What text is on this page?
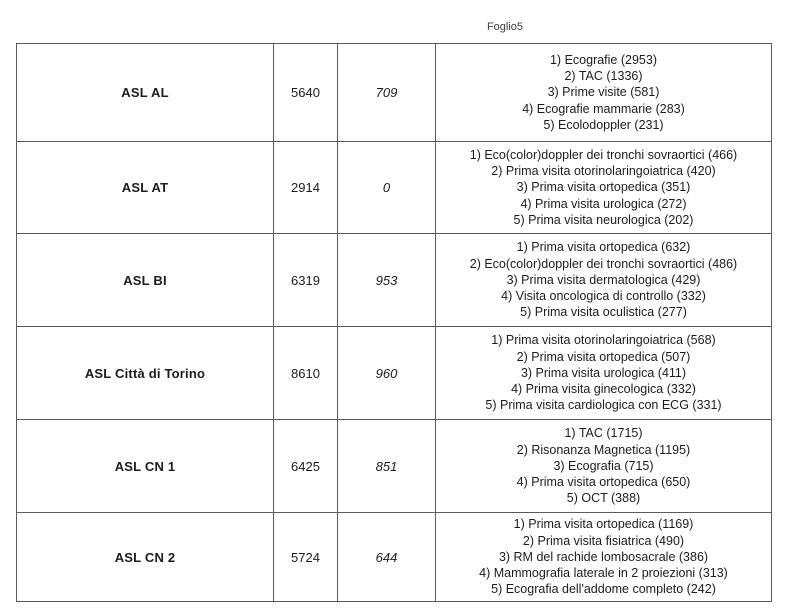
Foglio5
ASL AL	5640	709	
1) Ecografie (2953)
2) TAC (1336)
3) Prime visite (581)
4) Ecografie mammarie (283)
5) Ecolodoppler (231)

ASL AT	2914	0	
1) Eco(color)doppler dei tronchi sovraortici (466)
2) Prima visita otorinolaringoiatrica (420)
3) Prima visita ortopedica (351)
4) Prima visita urologica (272)
5) Prima visita neurologica (202)

ASL BI	6319	953	
1) Prima visita ortopedica (632)
2) Eco(color)doppler dei tronchi sovraortici (486)
3) Prima visita dermatologica (429)
4) Visita oncologica di controllo (332)
5) Prima visita oculistica (277)

ASL Città di Torino	8610	960	
1) Prima visita otorinolaringoiatrica (568)
2) Prima visita ortopedica (507)
3) Prima visita urologica (411)
4) Prima visita ginecologica (332)
5) Prima visita cardiologica con ECG (331)

ASL CN 1	6425	851	
1) TAC (1715)
2) Risonanza Magnetica (1195)
3) Ecografia (715)
4) Prima visita ortopedica (650)
5) OCT (388)

ASL CN 2	5724	644	
1) Prima visita ortopedica (1169)
2) Prima visita fisiatrica (490)
3) RM del rachide lombosacrale (386)
4) Mammografia laterale in 2 proiezioni (313)
5) Ecografia dell'addome completo (242)
